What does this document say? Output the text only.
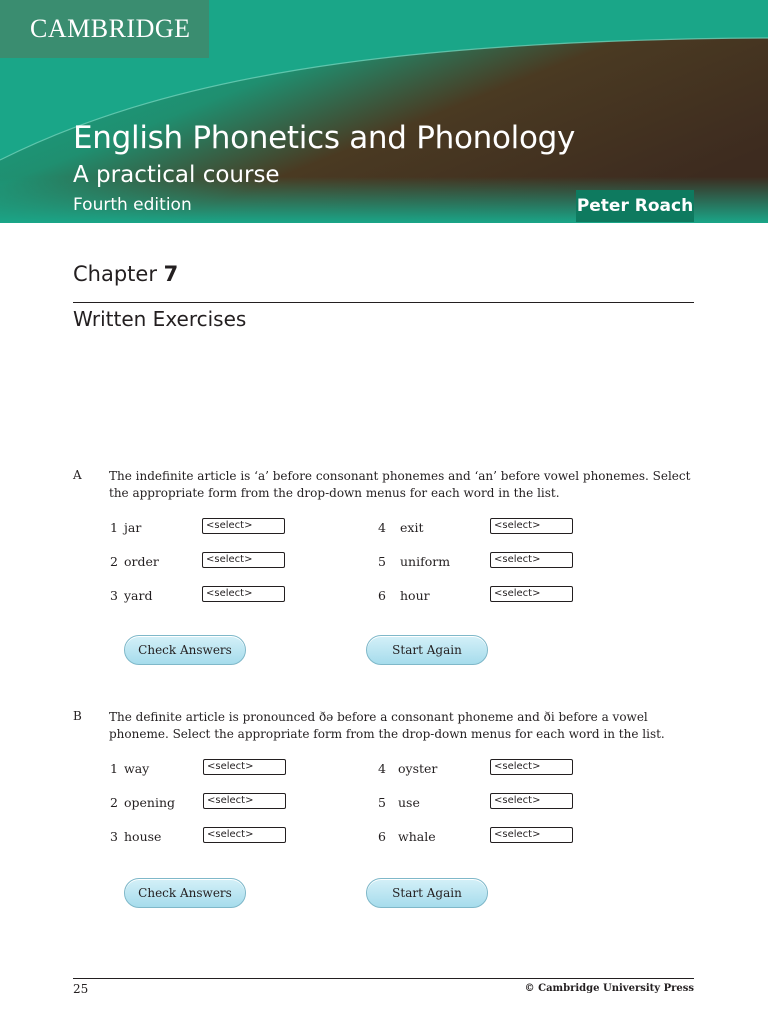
CAMBRIDGE
English Phonetics and Phonology
A practical course
Fourth edition	Peter Roach
Chapter 7
Written Exercises
A The indefinite article is ‘a’ before consonant phonemes and ‘an’ before vowel phonemes. Select the appropriate form from the drop-down menus for each word in the list.
1 jar	<select>
2 order	<select>
3 yard	<select>
4 exit	<select>
5 uniform	<select>
6 hour	<select>
Check Answers	Start Again
B The definite article is pronounced ðə before a consonant phoneme and ði before a vowel phoneme. Select the appropriate form from the drop-down menus for each word in the list.
1 way	<select>
2 opening	<select>
3 house	<select>
4 oyster	<select>
5 use	<select>
6 whale	<select>
Check Answers	Start Again
25	© Cambridge University Press
